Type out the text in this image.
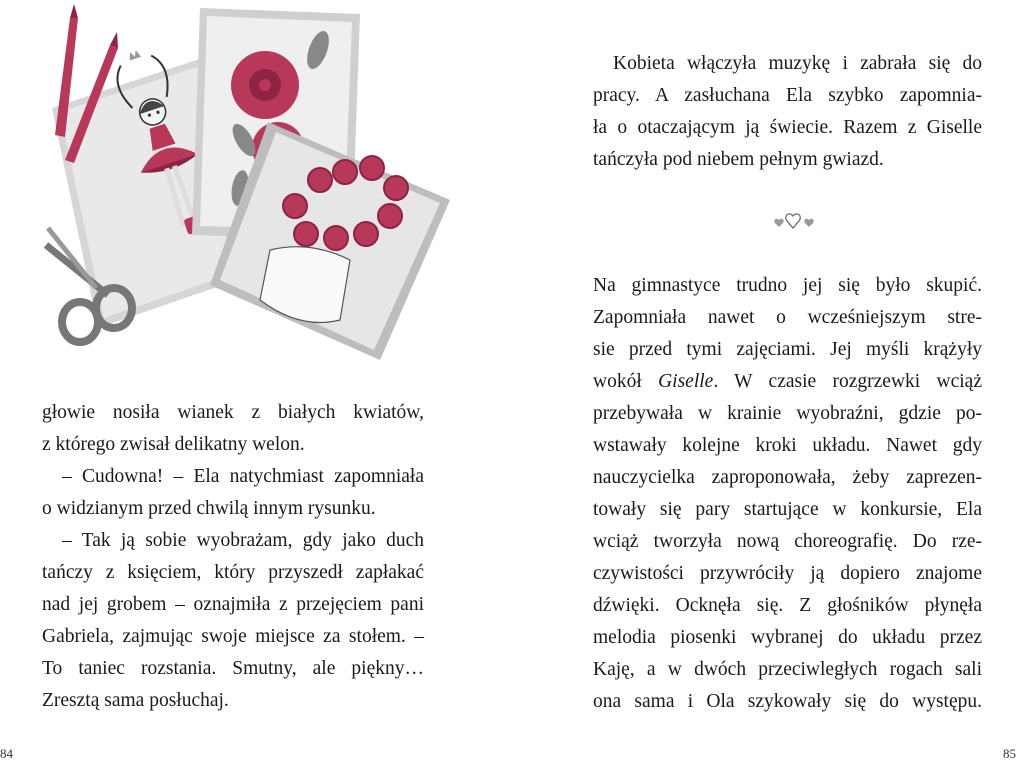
głowie nosiła wianek z białych kwiatów,
z którego zwisał delikatny welon.
– Cudowna! – Ela natychmiast zapomniała
o widzianym przed chwilą innym rysunku.
– Tak ją sobie wyobrażam, gdy jako duch
tańczy z księciem, który przyszedł zapłakać
nad jej grobem – oznajmiła z przejęciem pani
Gabriela, zajmując swoje miejsce za stołem. –
To taniec rozstania. Smutny, ale piękny…
Zresztą sama posłuchaj.
84
Kobieta włączyła muzykę i zabrała się do
pracy. A zasłuchana Ela szybko zapomnia-
ła o otaczającym ją świecie. Razem z Giselle
tańczyła pod niebem pełnym gwiazd.
Na gimnastyce trudno jej się było skupić.
Zapomniała nawet o wcześniejszym stre-
sie przed tymi zajęciami. Jej myśli krążyły
wokół Giselle. W czasie rozgrzewki wciąż
przebywała w krainie wyobraźni, gdzie po-
wstawały kolejne kroki układu. Nawet gdy
nauczycielka zaproponowała, żeby zaprezen-
towały się pary startujące w konkursie, Ela
wciąż tworzyła nową choreografię. Do rze-
czywistości przywróciły ją dopiero znajome
dźwięki. Ocknęła się. Z głośników płynęła
melodia piosenki wybranej do układu przez
Kaję, a w dwóch przeciwległych rogach sali
ona sama i Ola szykowały się do występu.
85
